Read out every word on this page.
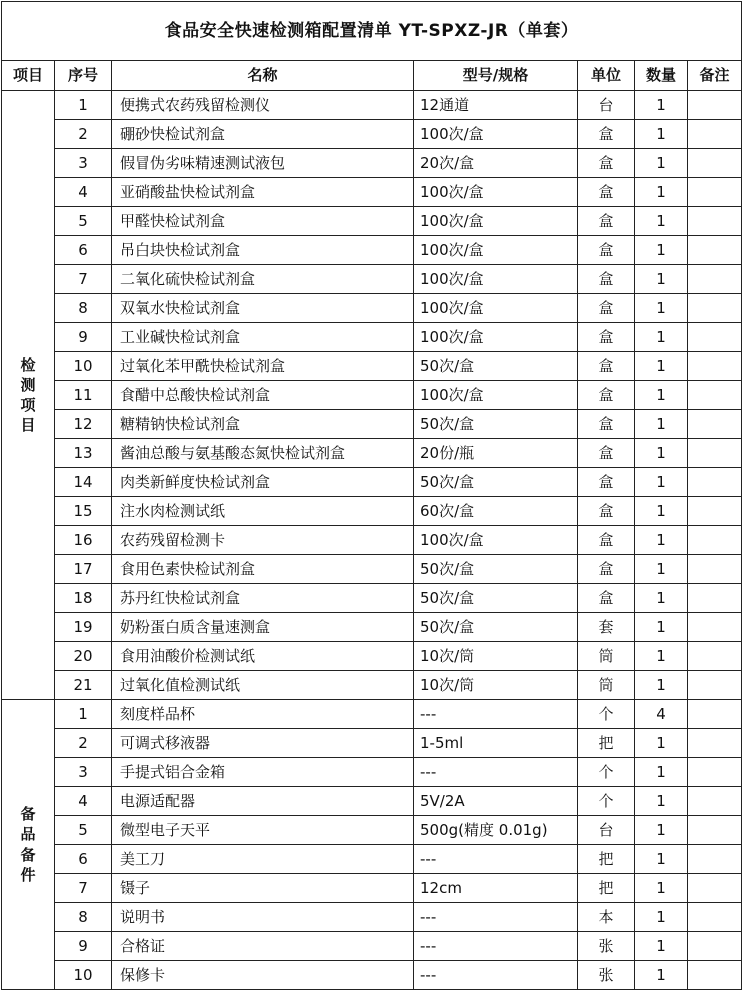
食品安全快速检测箱配置清单 YT-SPXZ-JR（单套）						
项目	序号	名称	型号/规格	单位	数量	备注
检测项目	1	便携式农药残留检测仪	12通道	台	1	
	2	硼砂快检试剂盒	100次/盒	盒	1	
	3	假冒伪劣味精速测试液包	20次/盒	盒	1	
	4	亚硝酸盐快检试剂盒	100次/盒	盒	1	
	5	甲醛快检试剂盒	100次/盒	盒	1	
	6	吊白块快检试剂盒	100次/盒	盒	1	
	7	二氧化硫快检试剂盒	100次/盒	盒	1	
	8	双氧水快检试剂盒	100次/盒	盒	1	
	9	工业碱快检试剂盒	100次/盒	盒	1	
	10	过氧化苯甲酰快检试剂盒	50次/盒	盒	1	
	11	食醋中总酸快检试剂盒	100次/盒	盒	1	
	12	糖精钠快检试剂盒	50次/盒	盒	1	
	13	酱油总酸与氨基酸态氮快检试剂盒	20份/瓶	盒	1	
	14	肉类新鲜度快检试剂盒	50次/盒	盒	1	
	15	注水肉检测试纸	60次/盒	盒	1	
	16	农药残留检测卡	100次/盒	盒	1	
	17	食用色素快检试剂盒	50次/盒	盒	1	
	18	苏丹红快检试剂盒	50次/盒	盒	1	
	19	奶粉蛋白质含量速测盒	50次/盒	套	1	
	20	食用油酸价检测试纸	10次/筒	筒	1	
	21	过氧化值检测试纸	10次/筒	筒	1	
备品备件	1	刻度样品杯	---	个	4	
	2	可调式移液器	1-5ml	把	1	
	3	手提式铝合金箱	---	个	1	
	4	电源适配器	5V/2A	个	1	
	5	微型电子天平	500g(精度 0.01g)	台	1	
	6	美工刀	---	把	1	
	7	镊子	12cm	把	1	
	8	说明书	---	本	1	
	9	合格证	---	张	1	
	10	保修卡	---	张	1	
